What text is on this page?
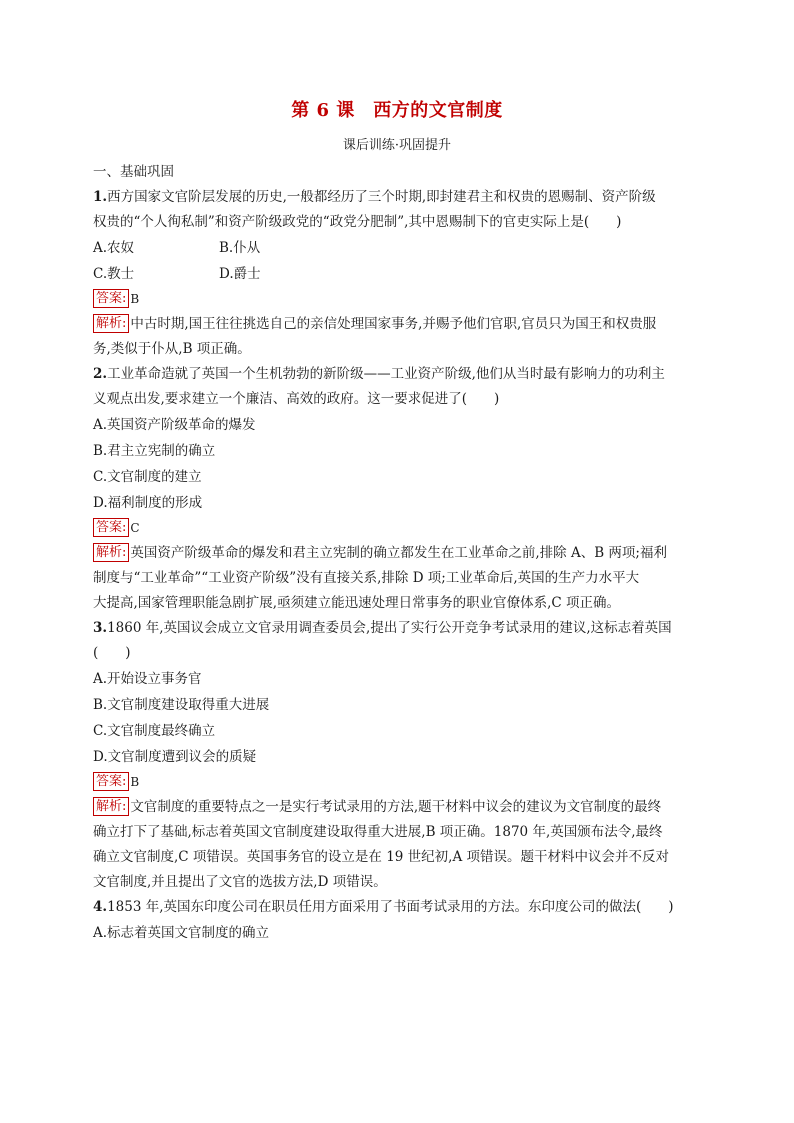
第 6 课　西方的文官制度
课后训练·巩固提升
一、基础巩固
1.西方国家文官阶层发展的历史,一般都经历了三个时期,即封建君主和权贵的恩赐制、资产阶级
权贵的“个人徇私制”和资产阶级政党的“政党分肥制”,其中恩赐制下的官吏实际上是(　　)
A.农奴	B.仆从
C.教士	D.爵士
答案: B
解析: 中古时期,国王往往挑选自己的亲信处理国家事务,并赐予他们官职,官员只为国王和权贵服
务,类似于仆从,B 项正确。
2.工业革命造就了英国一个生机勃勃的新阶级——工业资产阶级,他们从当时最有影响力的功利主
义观点出发,要求建立一个廉洁、高效的政府。这一要求促进了(　　)
A.英国资产阶级革命的爆发
B.君主立宪制的确立
C.文官制度的建立
D.福利制度的形成
答案: C
解析: 英国资产阶级革命的爆发和君主立宪制的确立都发生在工业革命之前,排除 A、B 两项;福利
制度与“工业革命”“工业资产阶级”没有直接关系,排除 D 项;工业革命后,英国的生产力水平大
大提高,国家管理职能急剧扩展,亟须建立能迅速处理日常事务的职业官僚体系,C 项正确。
3.1860 年,英国议会成立文官录用调查委员会,提出了实行公开竞争考试录用的建议,这标志着英国
(　　)
A.开始设立事务官
B.文官制度建设取得重大进展
C.文官制度最终确立
D.文官制度遭到议会的质疑
答案: B
解析: 文官制度的重要特点之一是实行考试录用的方法,题干材料中议会的建议为文官制度的最终
确立打下了基础,标志着英国文官制度建设取得重大进展,B 项正确。1870 年,英国颁布法令,最终
确立文官制度,C 项错误。英国事务官的设立是在 19 世纪初,A 项错误。题干材料中议会并不反对
文官制度,并且提出了文官的选拔方法,D 项错误。
4.1853 年,英国东印度公司在职员任用方面采用了书面考试录用的方法。东印度公司的做法(　　)
A.标志着英国文官制度的确立
